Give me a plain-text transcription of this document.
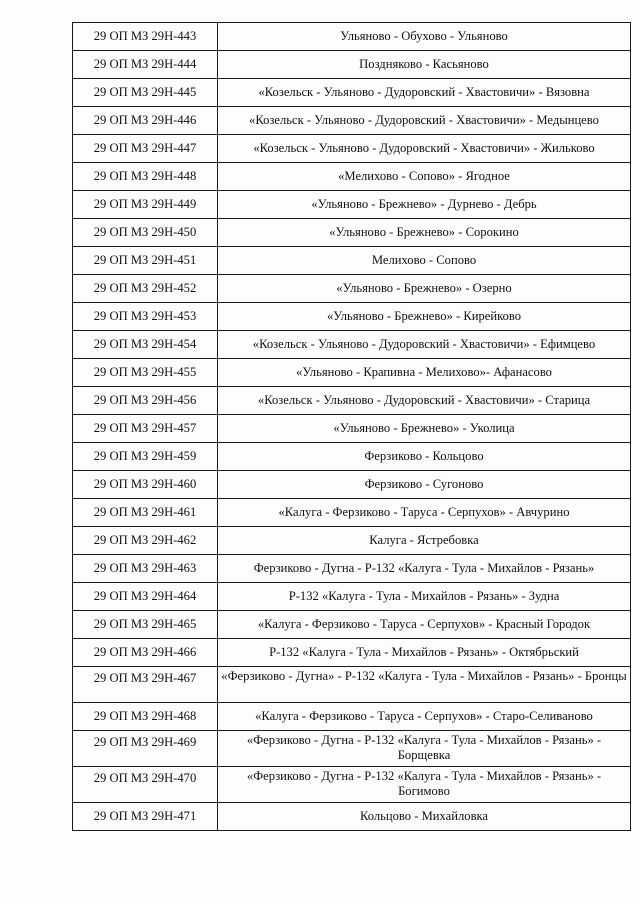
29 ОП МЗ 29Н-443	Ульяново - Обухово - Ульяново
29 ОП МЗ 29Н-444	Поздняково - Касьяново
29 ОП МЗ 29Н-445	«Козельск - Ульяново - Дудоровский - Хвастовичи» - Вязовна
29 ОП МЗ 29Н-446	«Козельск - Ульяново - Дудоровский - Хвастовичи» - Медынцево
29 ОП МЗ 29Н-447	«Козельск - Ульяново - Дудоровский - Хвастовичи» - Жильково
29 ОП МЗ 29Н-448	«Мелихово - Сопово» - Ягодное
29 ОП МЗ 29Н-449	«Ульяново - Брежнево» - Дурнево - Дебрь
29 ОП МЗ 29Н-450	«Ульяново - Брежнево» - Сорокино
29 ОП МЗ 29Н-451	Мелихово - Сопово
29 ОП МЗ 29Н-452	«Ульяново - Брежнево» - Озерно
29 ОП МЗ 29Н-453	«Ульяново - Брежнево» - Кирейково
29 ОП МЗ 29Н-454	«Козельск - Ульяново - Дудоровский - Хвастовичи» - Ефимцево
29 ОП МЗ 29Н-455	«Ульяново - Крапивна - Мелихово»- Афанасово
29 ОП МЗ 29Н-456	«Козельск - Ульяново - Дудоровский - Хвастовичи» - Старица
29 ОП МЗ 29Н-457	«Ульяново - Брежнево» - Уколица
29 ОП МЗ 29Н-459	Ферзиково - Кольцово
29 ОП МЗ 29Н-460	Ферзиково - Сугоново
29 ОП МЗ 29Н-461	«Калуга - Ферзиково - Таруса - Серпухов» - Авчурино
29 ОП МЗ 29Н-462	Калуга - Ястребовка
29 ОП МЗ 29Н-463	Ферзиково - Дугна - Р-132 «Калуга - Тула - Михайлов - Рязань»
29 ОП МЗ 29Н-464	Р-132 «Калуга - Тула - Михайлов - Рязань» - Зудна
29 ОП МЗ 29Н-465	«Калуга - Ферзиково - Таруса - Серпухов» - Красный Городок
29 ОП МЗ 29Н-466	Р-132 «Калуга - Тула - Михайлов - Рязань» - Октябрьский
29 ОП МЗ 29Н-467	«Ферзиково - Дугна» - Р-132 «Калуга - Тула - Михайлов - Рязань» - Бронцы
29 ОП МЗ 29Н-468	«Калуга - Ферзиково - Таруса - Серпухов» - Старо-Селиваново
29 ОП МЗ 29Н-469	«Ферзиково - Дугна - Р-132 «Калуга - Тула - Михайлов - Рязань» - Борщевка
29 ОП МЗ 29Н-470	«Ферзиково - Дугна - Р-132 «Калуга - Тула - Михайлов - Рязань» - Богимово
29 ОП МЗ 29Н-471	Кольцово - Михайловка
